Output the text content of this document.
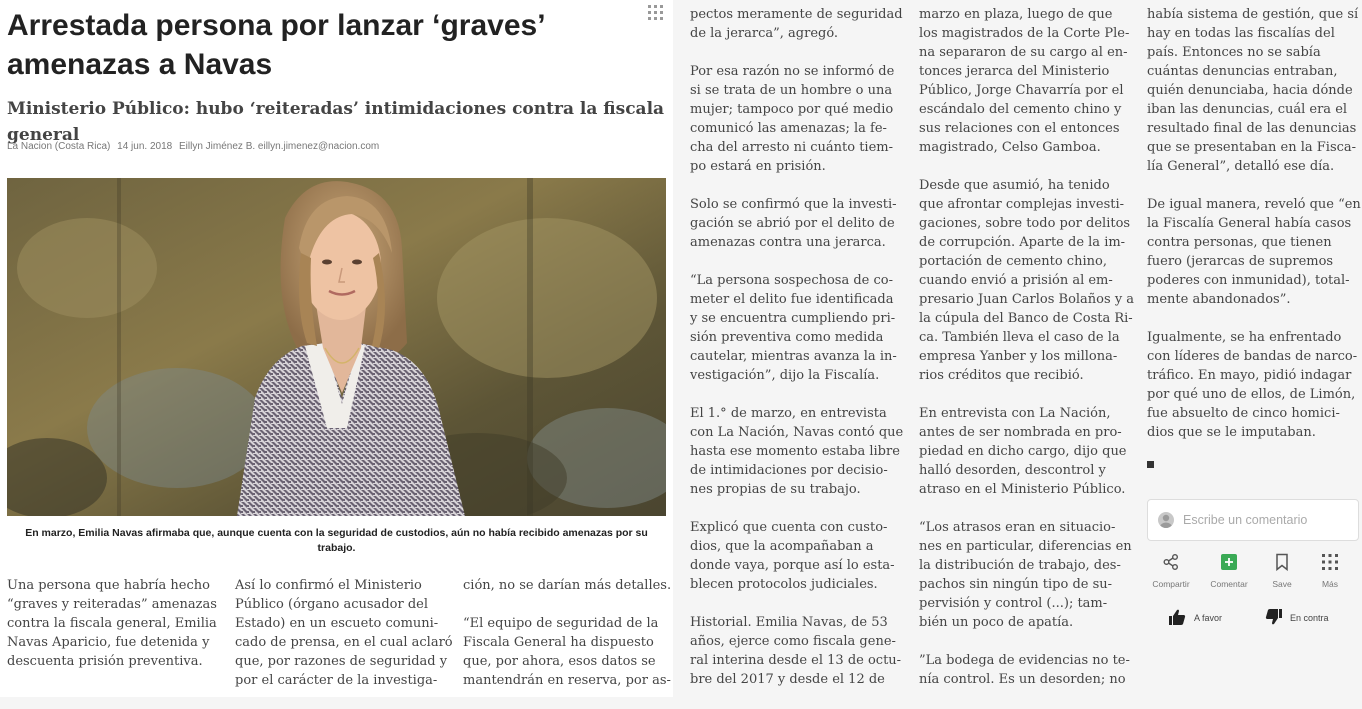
Arrestada persona por lanzar ‘graves’ amenazas a Navas
Ministerio Público: hubo ‘reiteradas’ intimidaciones contra la fiscala general
La Nacion (Costa Rica) 14 jun. 2018 Eillyn Jiménez B. eillyn.jimenez@nacion.com
En marzo, Emilia Navas afirmaba que, aunque cuenta con la seguridad de custodios, aún no había recibido amenazas por su trabajo.
Una persona que habría hecho
“graves y reiteradas” amenazas
contra la fiscala general, Emilia
Navas Aparicio, fue detenida y
descuenta prisión preventiva.
Así lo confirmó el Ministerio
Público (órgano acusador del
Estado) en un escueto comuni-
cado de prensa, en el cual aclaró
que, por razones de seguridad y
por el carácter de la investiga-

ción, no se darían más detalles.

“El equipo de seguridad de la
Fiscala General ha dispuesto
que, por ahora, esos datos se
mantendrán en reserva, por as-

pectos meramente de seguridad
de la jerarca”, agregó.

Por esa razón no se informó de
si se trata de un hombre o una
mujer; tampoco por qué medio
comunicó las amenazas; la fe-
cha del arresto ni cuánto tiem-
po estará en prisión.

Solo se confirmó que la investi-
gación se abrió por el delito de
amenazas contra una jerarca.

“La persona sospechosa de co-
meter el delito fue identificada
y se encuentra cumpliendo pri-
sión preventiva como medida
cautelar, mientras avanza la in-
vestigación”, dijo la Fiscalía.

El 1.° de marzo, en entrevista
con La Nación, Navas contó que
hasta ese momento estaba libre
de intimidaciones por decisio-
nes propias de su trabajo.

Explicó que cuenta con custo-
dios, que la acompañaban a
donde vaya, porque así lo esta-
blecen protocolos judiciales.

Historial. Emilia Navas, de 53
años, ejerce como fiscala gene-
ral interina desde el 13 de octu-
bre del 2017 y desde el 12 de

marzo en plaza, luego de que
los magistrados de la Corte Ple-
na separaron de su cargo al en-
tonces jerarca del Ministerio
Público, Jorge Chavarría por el
escándalo del cemento chino y
sus relaciones con el entonces
magistrado, Celso Gamboa.

Desde que asumió, ha tenido
que afrontar complejas investi-
gaciones, sobre todo por delitos
de corrupción. Aparte de la im-
portación de cemento chino,
cuando envió a prisión al em-
presario Juan Carlos Bolaños y a
la cúpula del Banco de Costa Ri-
ca. También lleva el caso de la
empresa Yanber y los millona-
rios créditos que recibió.

En entrevista con La Nación,
antes de ser nombrada en pro-
piedad en dicho cargo, dijo que
halló desorden, descontrol y
atraso en el Ministerio Público.

“Los atrasos eran en situacio-
nes en particular, diferencias en
la distribución de trabajo, des-
pachos sin ningún tipo de su-
pervisión y control (...); tam-
bién un poco de apatía.

”La bodega de evidencias no te-
nía control. Es un desorden; no

había sistema de gestión, que sí
hay en todas las fiscalías del
país. Entonces no se sabía
cuántas denuncias entraban,
quién denunciaba, hacia dónde
iban las denuncias, cuál era el
resultado final de las denuncias
que se presentaban en la Fisca-
lía General”, detalló ese día.

De igual manera, reveló que “en
la Fiscalía General había casos
contra personas, que tienen
fuero (jerarcas de supremos
poderes con inmunidad), total-
mente abandonados”.

Igualmente, se ha enfrentado
con líderes de bandas de narco-
tráfico. En mayo, pidió indagar
por qué uno de ellos, de Limón,
fue absuelto de cinco homici-
dios que se le imputaban.

Escribe un comentario
Compartir	Comentar	Save	Más
A favor	En contra
